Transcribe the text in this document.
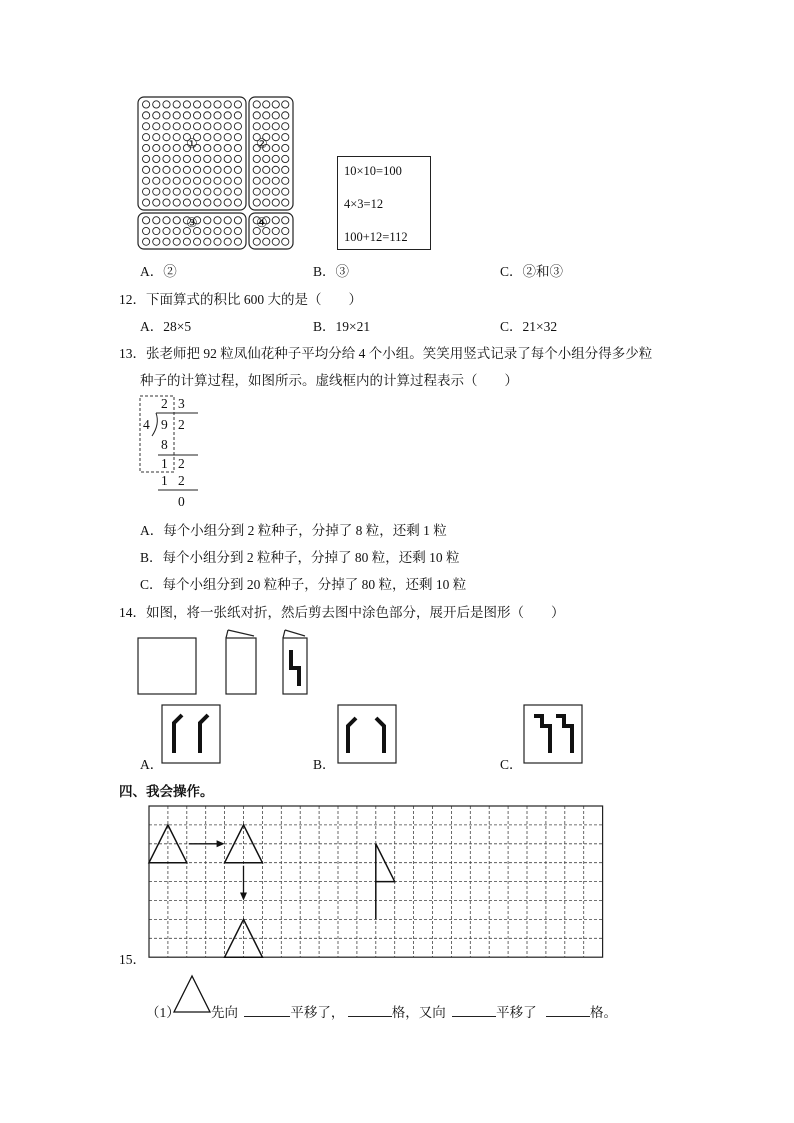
①	②
③	④
10×10=100
4×3=12
100+12=112
A．②	B．③	C．②和③
12．下面算式的积比 600 大的是（　　）
A．28×5	B．19×21	C．21×32
13．张老师把 92 粒凤仙花种子平均分给 4 个小组。笑笑用竖式记录了每个小组分得多少粒
种子的计算过程，如图所示。虚线框内的计算过程表示（　　）
2 3
4 9 2
8
1 2
1 2
0
A．每个小组分到 2 粒种子，分掉了 8 粒，还剩 1 粒
B．每个小组分到 2 粒种子，分掉了 80 粒，还剩 10 粒
C．每个小组分到 20 粒种子，分掉了 80 粒，还剩 10 粒
14．如图，将一张纸对折，然后剪去图中涂色部分，展开后是图形（　　）
A．	B．	C．
四、我会操作。
15．
（1） 先向	平移了，	格，又向	平移了	格。
